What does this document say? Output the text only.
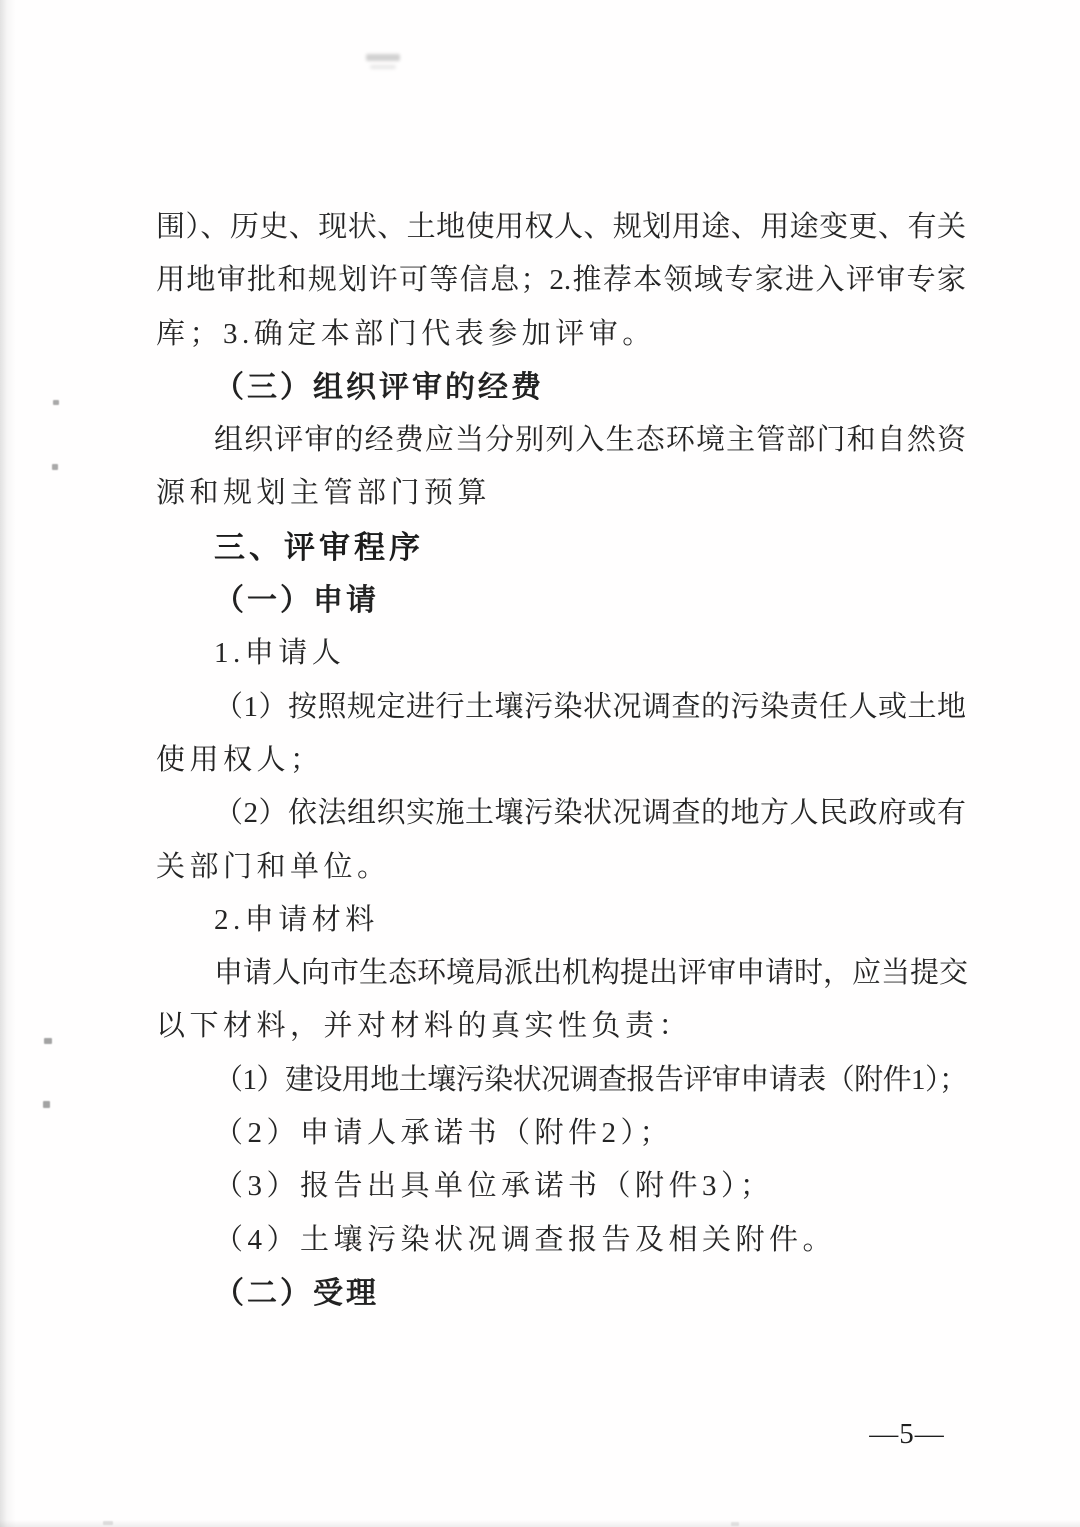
围）、历史、现状、土地使用权人、规划用途、用途变更、有关
用地审批和规划许可等信息；2.推荐本领域专家进入评审专家
库；3.确定本部门代表参加评审。
（三）组织评审的经费
组织评审的经费应当分别列入生态环境主管部门和自然资
源和规划主管部门预算
三、评审程序
（一）申请
1.申请人
（1）按照规定进行土壤污染状况调查的污染责任人或土地
使用权人；
（2）依法组织实施土壤污染状况调查的地方人民政府或有
关部门和单位。
2.申请材料
申请人向市生态环境局派出机构提出评审申请时，应当提交
以下材料，并对材料的真实性负责：
（1）建设用地土壤污染状况调查报告评审申请表（附件1）；
（2）申请人承诺书（附件2）；
（3）报告出具单位承诺书（附件3）；
（4）土壤污染状况调查报告及相关附件。
（二）受理
—5—
